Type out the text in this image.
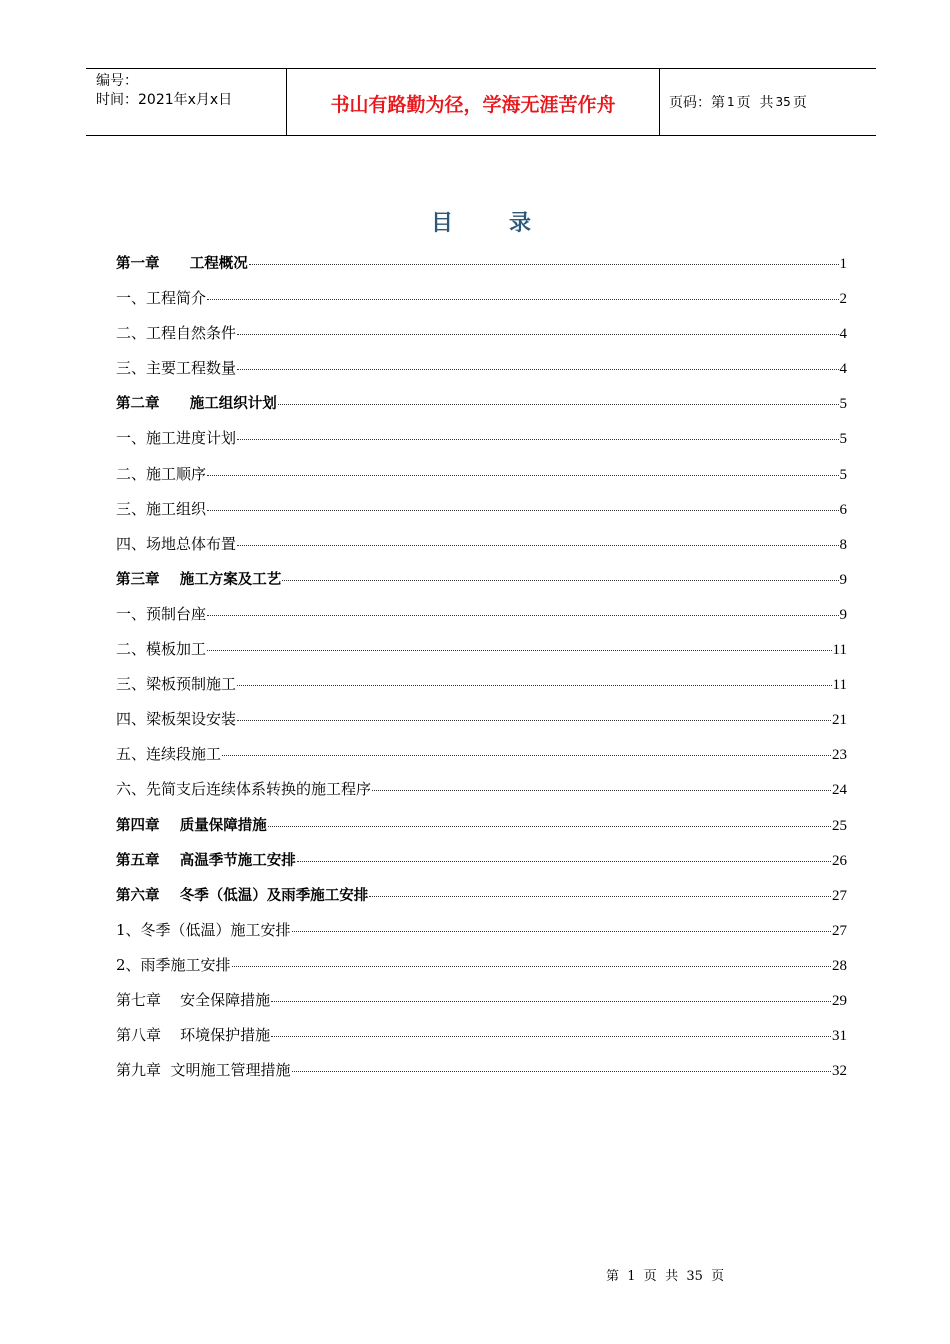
编号：
时间：2021年x月x日	书山有路勤为径，学海无涯苦作舟	页码：第 1 页  共 35 页
目录
第一章      工程概况	1
一、工程简介	2
二、工程自然条件	4
三、主要工程数量	4
第二章      施工组织计划	5
一、施工进度计划	5
二、施工顺序	5
三、施工组织	6
四、场地总体布置	8
第三章    施工方案及工艺	9
一、预制台座	9
二、模板加工	11
三、梁板预制施工	11
四、梁板架设安装	21
五、连续段施工	23
六、先简支后连续体系转换的施工程序	24
第四章    质量保障措施	25
第五章    高温季节施工安排	26
第六章    冬季（低温）及雨季施工安排	27
1、冬季（低温）施工安排	27
2、雨季施工安排	28
第七章    安全保障措施	29
第八章    环境保护措施	31
第九章  文明施工管理措施	32
第  1  页  共  35  页
